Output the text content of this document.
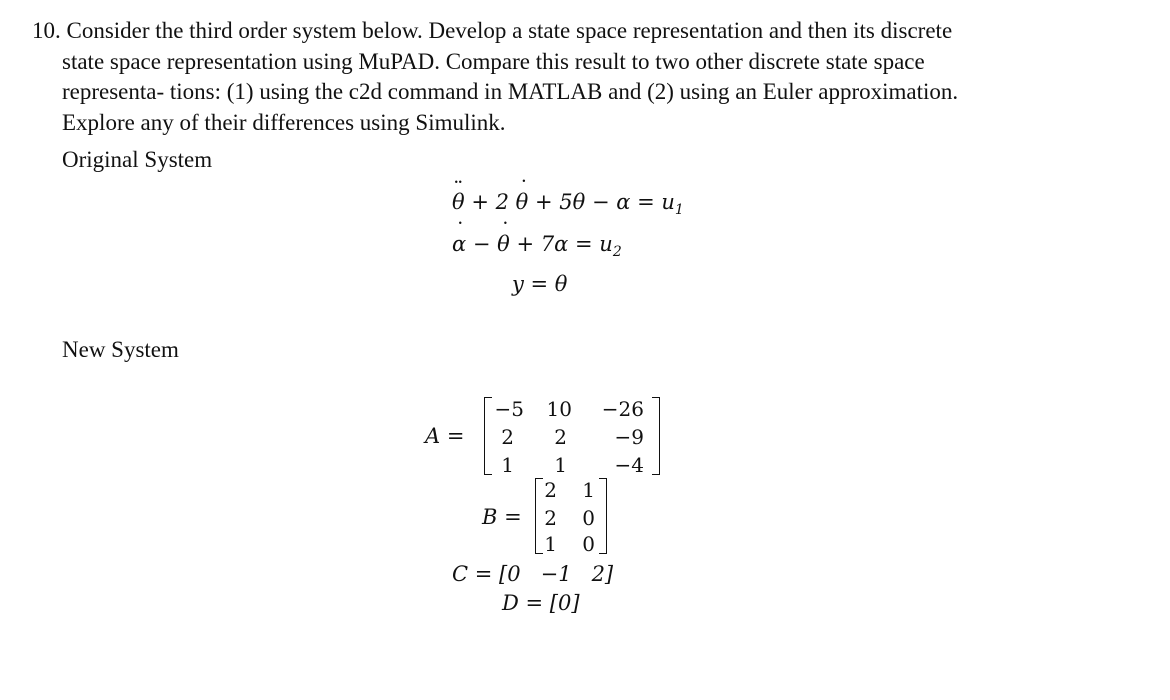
10. Consider the third order system below. Develop a state space representation and then its discrete
state space representation using MuPAD. Compare this result to two other discrete state space
representa- tions: (1) using the c2d command in MATLAB and (2) using an Euler approximation.
Explore any of their differences using Simulink.
Original System
θ ¨ + 2 θ ˙ + $5\theta - \alpha = u_1$
α ˙ − θ ˙ + $7\alpha = u_2$
y = θ
New System
A =
−5 10	−26
2	2	−9
1	1	−4
B =
2	1
2	0
1	0
C = [0   −1   2]
D = [0]
